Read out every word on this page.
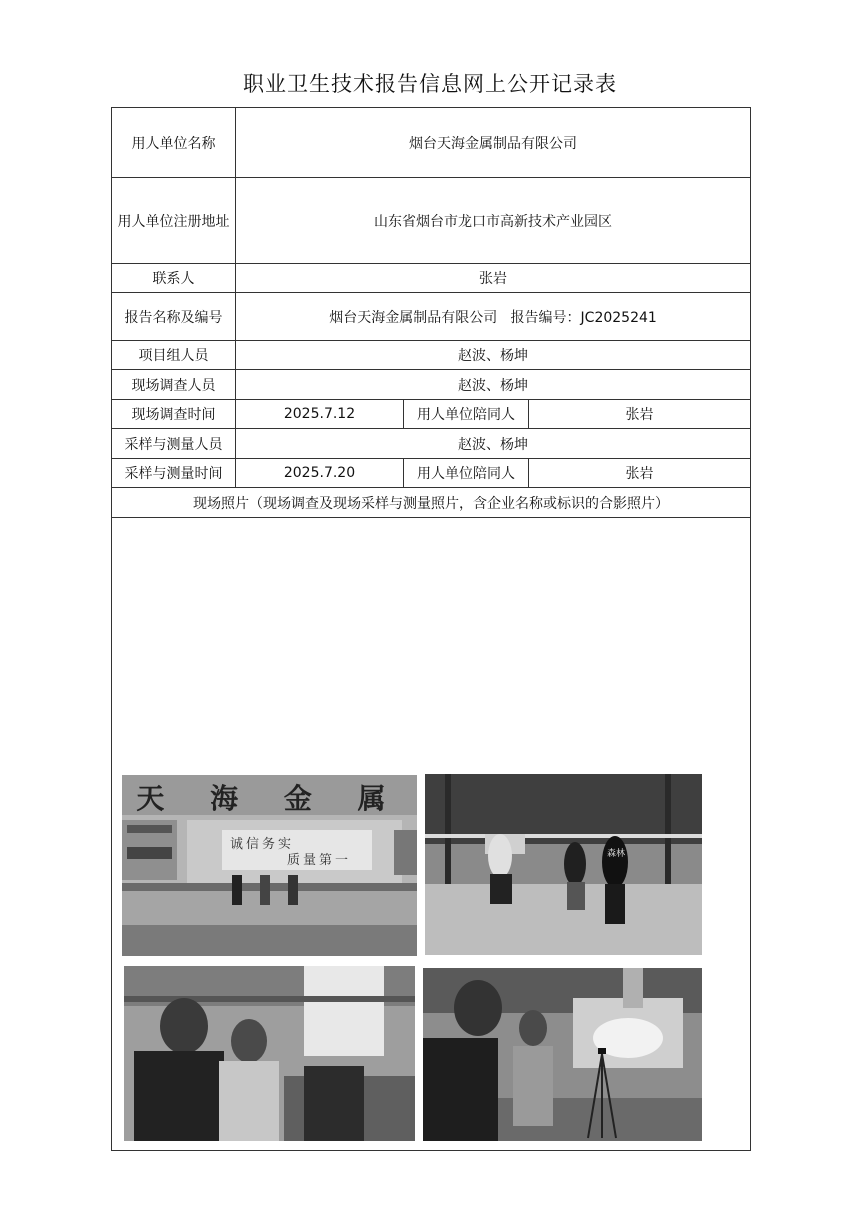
职业卫生技术报告信息网上公开记录表
用人单位名称	烟台天海金属制品有限公司		
用人单位注册地址	山东省烟台市龙口市高新技术产业园区		
联系人	张岩		
报告名称及编号	烟台天海金属制品有限公司   报告编号：JC2025241		
项目组人员	赵波、杨坤		
现场调查人员	赵波、杨坤		
现场调查时间	2025.7.12	用人单位陪同人	张岩
采样与测量人员	赵波、杨坤		
采样与测量时间	2025.7.20	用人单位陪同人	张岩
现场照片（现场调查及现场采样与测量照片，含企业名称或标识的合影照片）			

天 海 金 属
诚信务实
质量第一 森林			
